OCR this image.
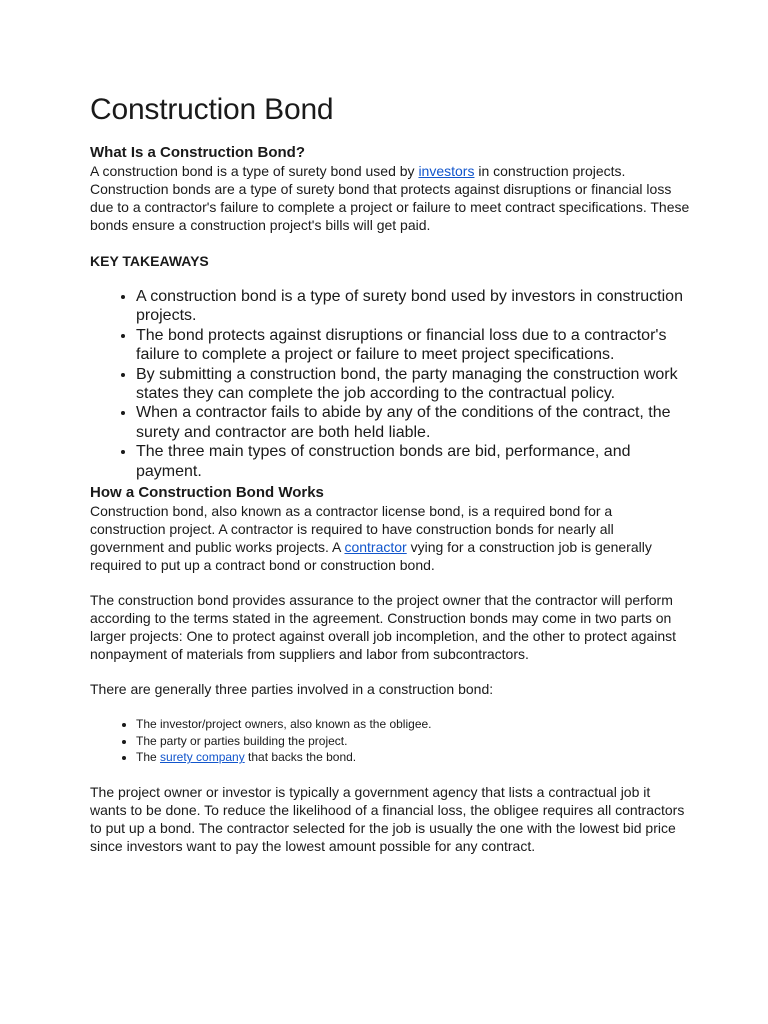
Construction Bond
What Is a Construction Bond?

A construction bond is a type of surety bond used by investors in construction projects. Construction bonds are a type of surety bond that protects against disruptions or financial loss due to a contractor's failure to complete a project or failure to meet contract specifications. These bonds ensure a construction project's bills will get paid.

KEY TAKEAWAYS
• A construction bond is a type of surety bond used by investors in construction projects.
• The bond protects against disruptions or financial loss due to a contractor's failure to complete a project or failure to meet project specifications.
• By submitting a construction bond, the party managing the construction work states they can complete the job according to the contractual policy.
• When a contractor fails to abide by any of the conditions of the contract, the surety and contractor are both held liable.
• The three main types of construction bonds are bid, performance, and payment.
How a Construction Bond Works

Construction bond, also known as a contractor license bond, is a required bond for a construction project. A contractor is required to have construction bonds for nearly all government and public works projects. A contractor vying for a construction job is generally required to put up a contract bond or construction bond.

The construction bond provides assurance to the project owner that the contractor will perform according to the terms stated in the agreement. Construction bonds may come in two parts on larger projects: One to protect against overall job incompletion, and the other to protect against nonpayment of materials from suppliers and labor from subcontractors.

There are generally three parties involved in a construction bond:

• The investor/project owners, also known as the obligee.
• The party or parties building the project.
• The surety company that backs the bond.

The project owner or investor is typically a government agency that lists a contractual job it wants to be done. To reduce the likelihood of a financial loss, the obligee requires all contractors to put up a bond. The contractor selected for the job is usually the one with the lowest bid price since investors want to pay the lowest amount possible for any contract.
